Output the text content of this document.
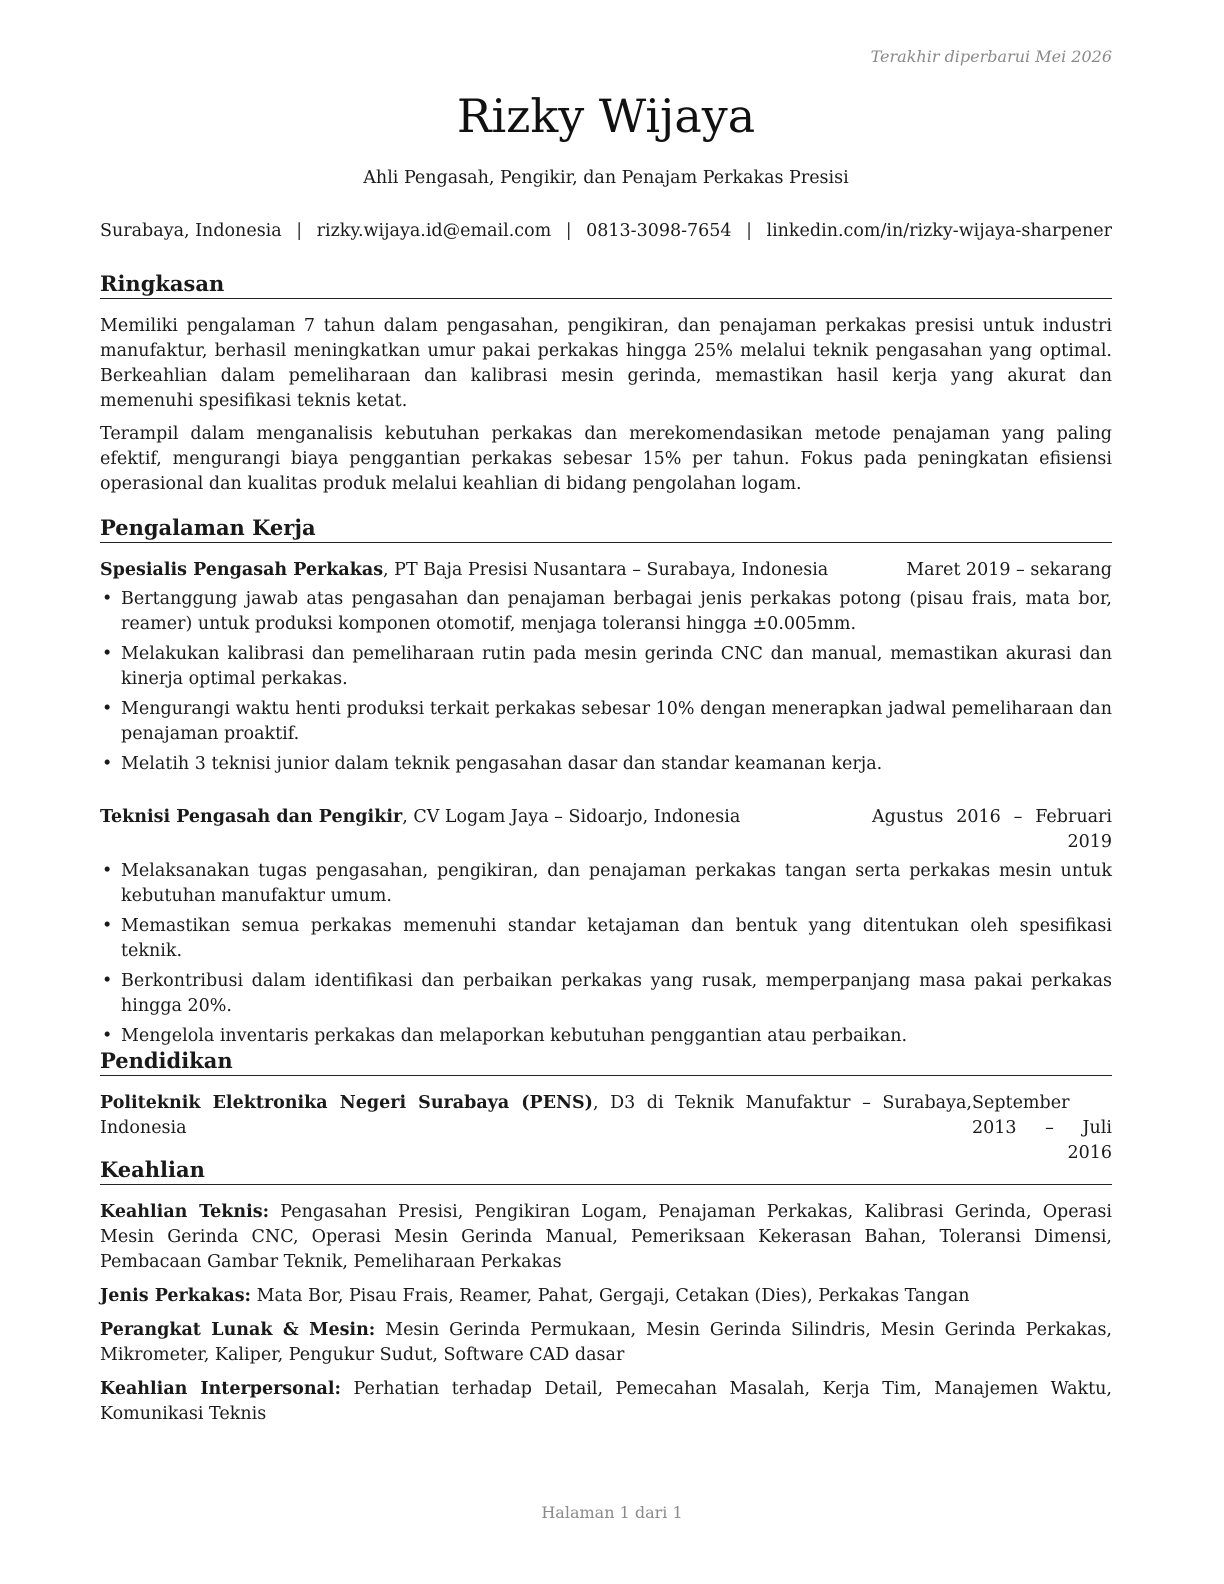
Terakhir diperbarui Mei 2026
Rizky Wijaya
Ahli Pengasah, Pengikir, dan Penajam Perkakas Presisi
Surabaya, Indonesia | rizky.wijaya.id@email.com | 0813-3098-7654 | linkedin.com/in/rizky-wijaya-sharpener
Ringkasan

Memiliki pengalaman 7 tahun dalam pengasahan, pengikiran, dan penajaman perkakas presisi untuk industri manufaktur, berhasil meningkatkan umur pakai perkakas hingga 25% melalui teknik pengasahan yang optimal. Berkeahlian dalam pemeliharaan dan kalibrasi mesin gerinda, memastikan hasil kerja yang akurat dan memenuhi spesifikasi teknis ketat.

Terampil dalam menganalisis kebutuhan perkakas dan merekomendasikan metode penajaman yang paling efektif, mengurangi biaya penggantian perkakas sebesar 15% per tahun. Fokus pada peningkatan efisiensi operasional dan kualitas produk melalui keahlian di bidang pengolahan logam.

Pengalaman Kerja
Spesialis Pengasah Perkakas, PT Baja Presisi Nusantara – Surabaya, Indonesia	Maret 2019 – sekarang
• Bertanggung jawab atas pengasahan dan penajaman berbagai jenis perkakas potong (pisau frais, mata bor, reamer) untuk produksi komponen otomotif, menjaga toleransi hingga ±0.005mm.
• Melakukan kalibrasi dan pemeliharaan rutin pada mesin gerinda CNC dan manual, memastikan akurasi dan kinerja optimal perkakas.
• Mengurangi waktu henti produksi terkait perkakas sebesar 10% dengan menerapkan jadwal pemeliharaan dan penajaman proaktif.
• Melatih 3 teknisi junior dalam teknik pengasahan dasar dan standar keamanan kerja.
Teknisi Pengasah dan Pengikir, CV Logam Jaya – Sidoarjo, Indonesia	Agustus 2016 – Februari 2019
• Melaksanakan tugas pengasahan, pengikiran, dan penajaman perkakas tangan serta perkakas mesin untuk kebutuhan manufaktur umum.
• Memastikan semua perkakas memenuhi standar ketajaman dan bentuk yang ditentukan oleh spesifikasi teknik.
• Berkontribusi dalam identifikasi dan perbaikan perkakas yang rusak, memperpanjang masa pakai perkakas hingga 20%.
• Mengelola inventaris perkakas dan melaporkan kebutuhan penggantian atau perbaikan.
Pendidikan
Politeknik Elektronika Negeri Surabaya (PENS), D3 di Teknik Manufaktur – Surabaya, Indonesia
September 2013 – Juli 2016
Keahlian

Keahlian Teknis: Pengasahan Presisi, Pengikiran Logam, Penajaman Perkakas, Kalibrasi Gerinda, Operasi Mesin Gerinda CNC, Operasi Mesin Gerinda Manual, Pemeriksaan Kekerasan Bahan, Toleransi Dimensi, Pembacaan Gambar Teknik, Pemeliharaan Perkakas

Jenis Perkakas: Mata Bor, Pisau Frais, Reamer, Pahat, Gergaji, Cetakan (Dies), Perkakas Tangan

Perangkat Lunak & Mesin: Mesin Gerinda Permukaan, Mesin Gerinda Silindris, Mesin Gerinda Perkakas, Mikrometer, Kaliper, Pengukur Sudut, Software CAD dasar

Keahlian Interpersonal: Perhatian terhadap Detail, Pemecahan Masalah, Kerja Tim, Manajemen Waktu, Komunikasi Teknis

Halaman 1 dari 1
